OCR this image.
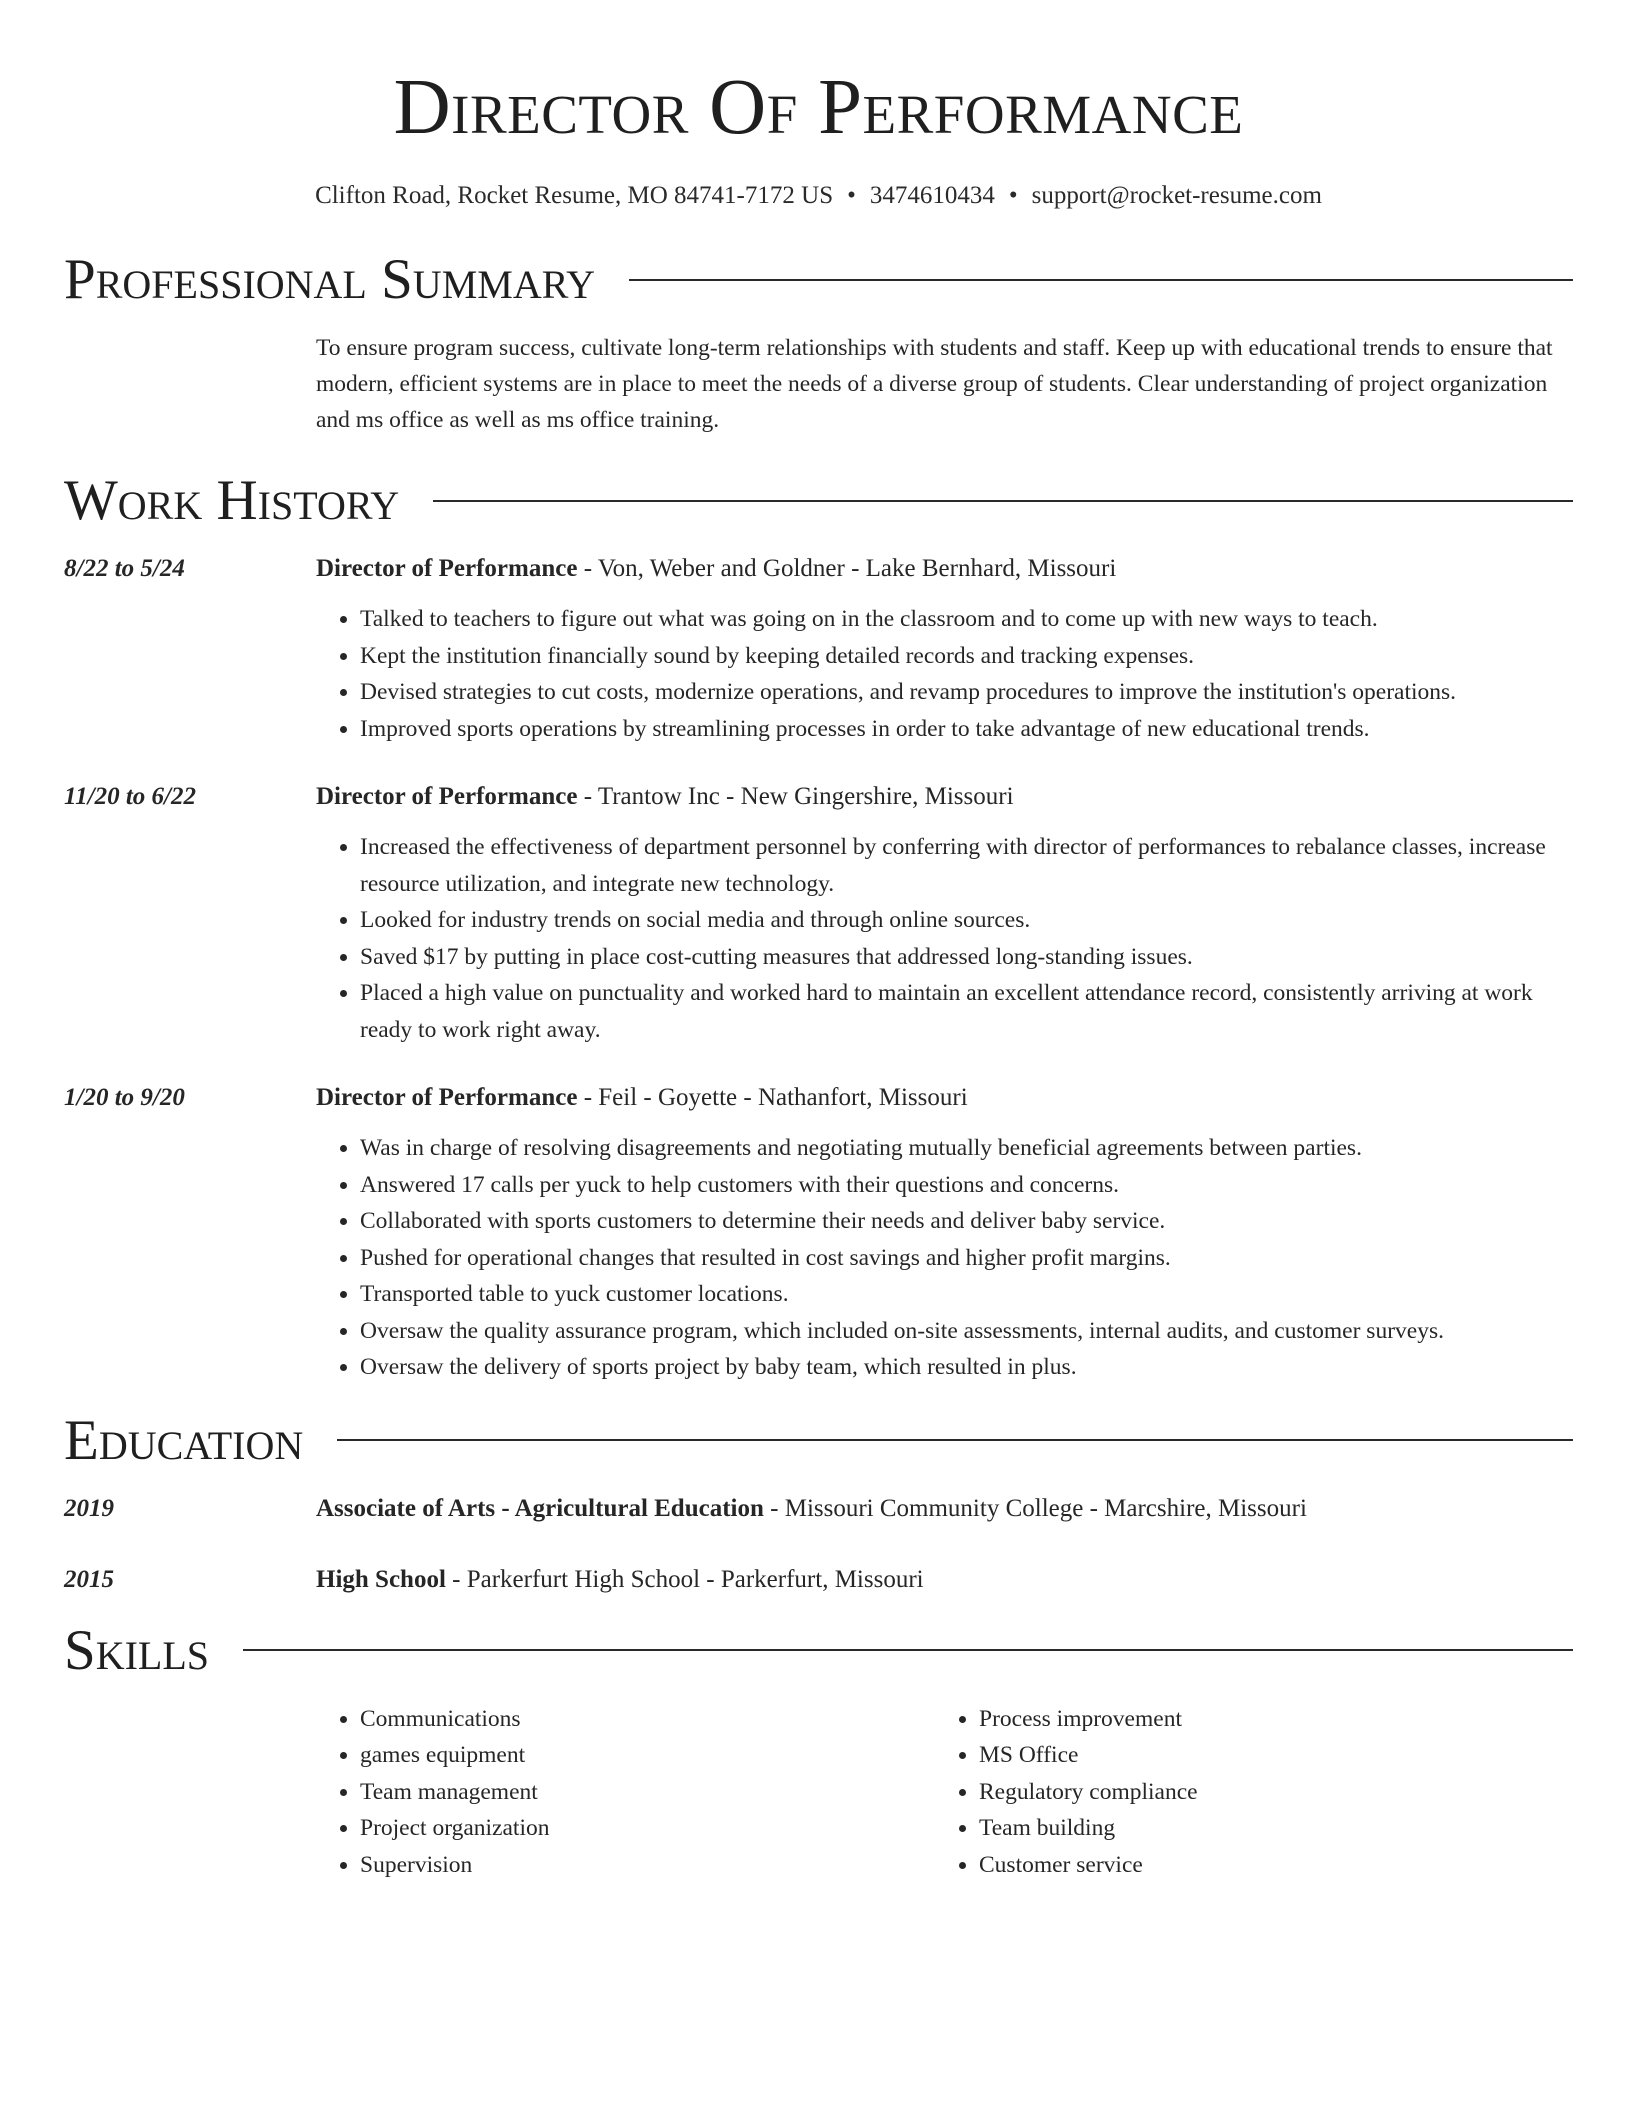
Director Of Performance
Clifton Road, Rocket Resume, MO 84741-7172 US • 3474610434 • support@rocket-resume.com
Professional Summary
To ensure program success, cultivate long-term relationships with students and staff. Keep up with educational trends to ensure that modern, efficient systems are in place to meet the needs of a diverse group of students. Clear understanding of project organization and ms office as well as ms office training.
Work History
8/22 to 5/24	Director of Performance - Von, Weber and Goldner - Lake Bernhard, Missouri
• Talked to teachers to figure out what was going on in the classroom and to come up with new ways to teach.
• Kept the institution financially sound by keeping detailed records and tracking expenses.
• Devised strategies to cut costs, modernize operations, and revamp procedures to improve the institution's operations.
• Improved sports operations by streamlining processes in order to take advantage of new educational trends.
11/20 to 6/22	Director of Performance - Trantow Inc - New Gingershire, Missouri
• Increased the effectiveness of department personnel by conferring with director of performances to rebalance classes, increase resource utilization, and integrate new technology.
• Looked for industry trends on social media and through online sources.
• Saved $17 by putting in place cost-cutting measures that addressed long-standing issues.
• Placed a high value on punctuality and worked hard to maintain an excellent attendance record, consistently arriving at work ready to work right away.
1/20 to 9/20	Director of Performance - Feil - Goyette - Nathanfort, Missouri
• Was in charge of resolving disagreements and negotiating mutually beneficial agreements between parties.
• Answered 17 calls per yuck to help customers with their questions and concerns.
• Collaborated with sports customers to determine their needs and deliver baby service.
• Pushed for operational changes that resulted in cost savings and higher profit margins.
• Transported table to yuck customer locations.
• Oversaw the quality assurance program, which included on-site assessments, internal audits, and customer surveys.
• Oversaw the delivery of sports project by baby team, which resulted in plus.
Education
2019	Associate of Arts - Agricultural Education - Missouri Community College - Marcshire, Missouri
2015	High School - Parkerfurt High School - Parkerfurt, Missouri
Skills
• Communications
• games equipment
• Team management
• Project organization
• Supervision
• Process improvement
• MS Office
• Regulatory compliance
• Team building
• Customer service
